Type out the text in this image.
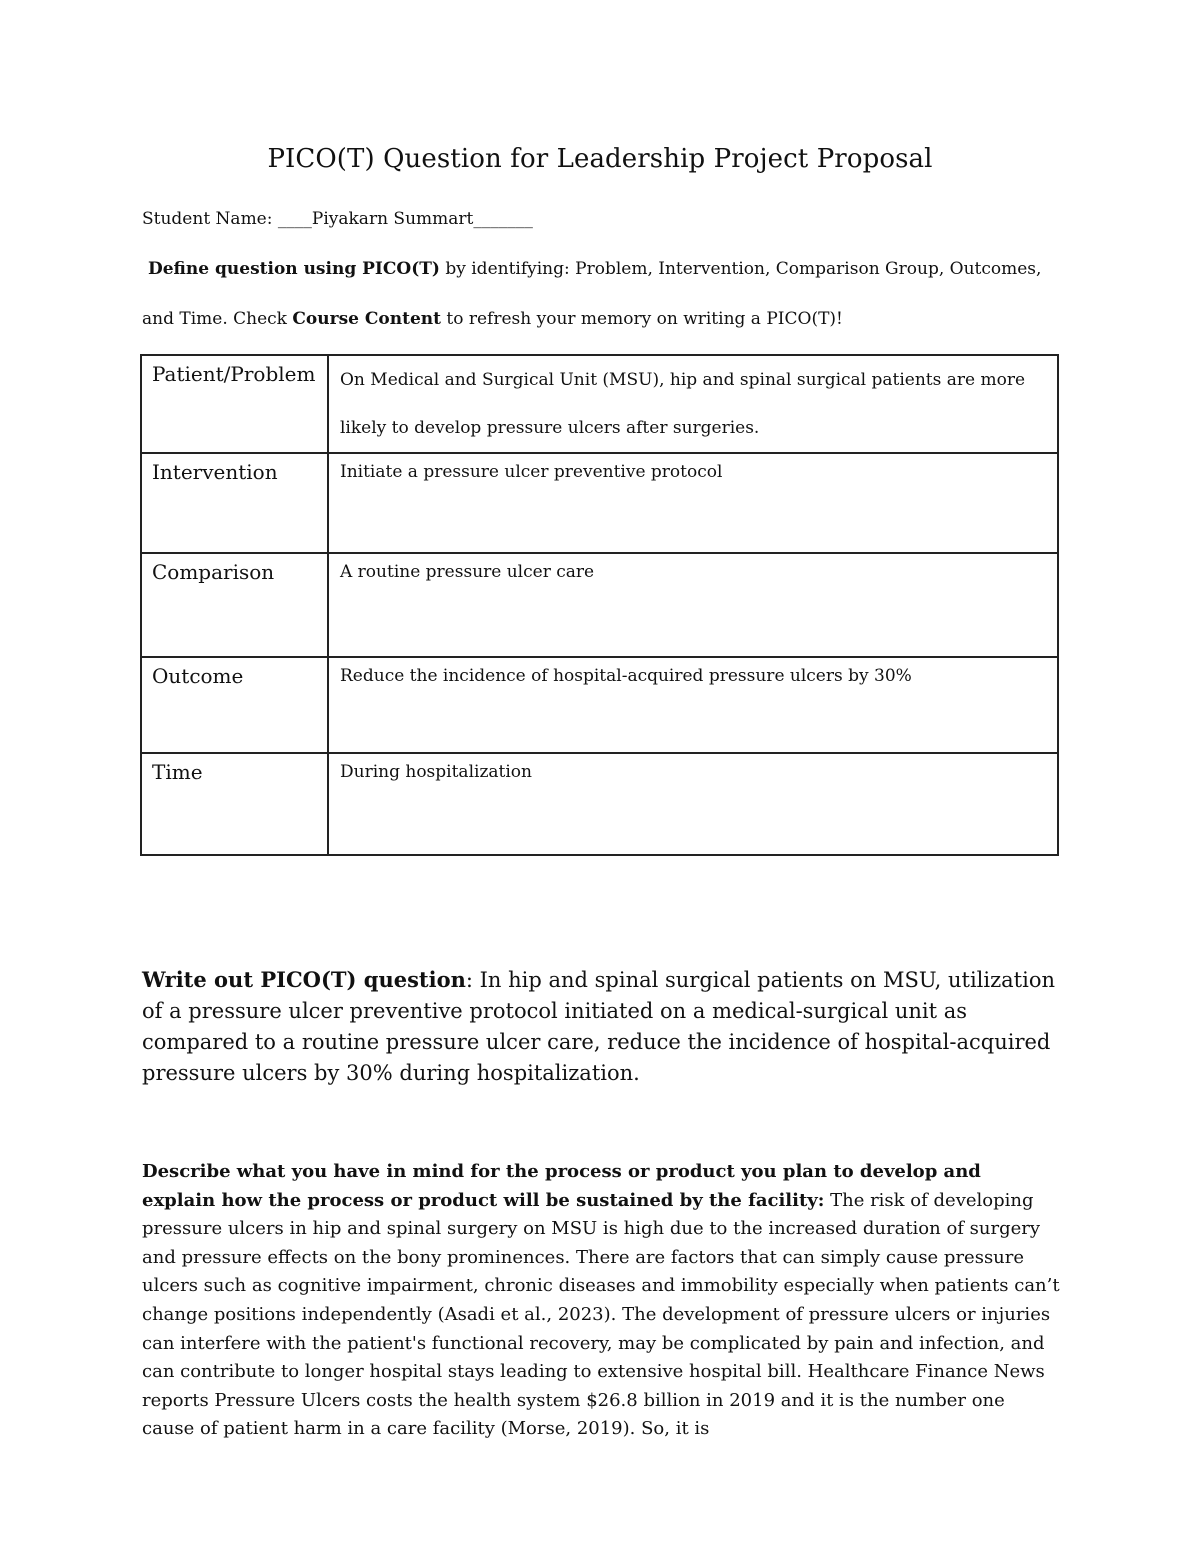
PICO(T) Question for Leadership Project Proposal
Student Name: ____Piyakarn Summart_______
Define question using PICO(T) by identifying: Problem, Intervention, Comparison Group, Outcomes,
and Time. Check Course Content to refresh your memory on writing a PICO(T)!
Patient/Problem	On Medical and Surgical Unit (MSU), hip and spinal surgical patients are more likely to develop pressure ulcers after surgeries.
Intervention	Initiate a pressure ulcer preventive protocol
Comparison	A routine pressure ulcer care
Outcome	Reduce the incidence of hospital-acquired pressure ulcers by 30%
Time	During hospitalization
Write out PICO(T) question: In hip and spinal surgical patients on MSU, utilization of a pressure ulcer preventive protocol initiated on a medical-surgical unit as compared to a routine pressure ulcer care, reduce the incidence of hospital-acquired pressure ulcers by 30% during hospitalization.
Describe what you have in mind for the process or product you plan to develop and explain how the process or product will be sustained by the facility: The risk of developing pressure ulcers in hip and spinal surgery on MSU is high due to the increased duration of surgery and pressure effects on the bony prominences. There are factors that can simply cause pressure ulcers such as cognitive impairment, chronic diseases and immobility especially when patients can’t change positions independently (Asadi et al., 2023). The development of pressure ulcers or injuries can interfere with the patient's functional recovery, may be complicated by pain and infection, and can contribute to longer hospital stays leading to extensive hospital bill. Healthcare Finance News reports Pressure Ulcers costs the health system $26.8 billion in 2019 and it is the number one cause of patient harm in a care facility (Morse, 2019). So, it is
